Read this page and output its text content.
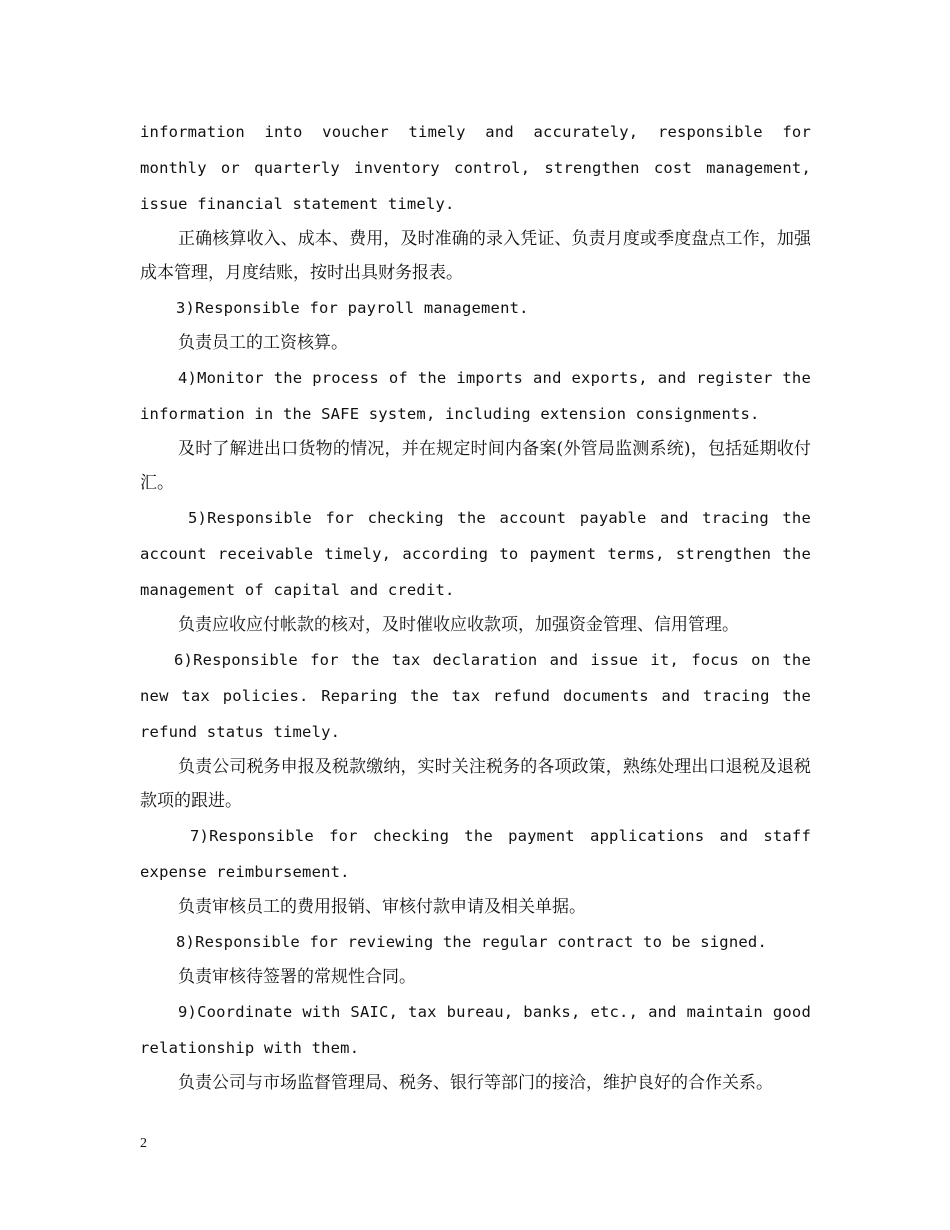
information into voucher timely and accurately, responsible for monthly or quarterly inventory control, strengthen cost management, issue financial statement timely.

正确核算收入、成本、费用，及时准确的录入凭证、负责月度或季度盘点工作，加强成本管理，月度结账，按时出具财务报表。

3)Responsible for payroll management.

负责员工的工资核算。

4)Monitor the process of the imports and exports, and register the information in the SAFE system, including extension consignments.

及时了解进出口货物的情况，并在规定时间内备案(外管局监测系统)，包括延期收付汇。

5)Responsible for checking the account payable and tracing the account receivable timely, according to payment terms, strengthen the management of capital and credit.

负责应收应付帐款的核对，及时催收应收款项，加强资金管理、信用管理。

6)Responsible for the tax declaration and issue it, focus on the new tax policies. Reparing the tax refund documents and tracing the refund status timely.

负责公司税务申报及税款缴纳，实时关注税务的各项政策，熟练处理出口退税及退税款项的跟进。

7)Responsible for checking the payment applications and staff expense reimbursement.

负责审核员工的费用报销、审核付款申请及相关单据。

8)Responsible for reviewing the regular contract to be signed.

负责审核待签署的常规性合同。

9)Coordinate with SAIC, tax bureau, banks, etc., and maintain good relationship with them.

负责公司与市场监督管理局、税务、银行等部门的接洽，维护良好的合作关系。

2
